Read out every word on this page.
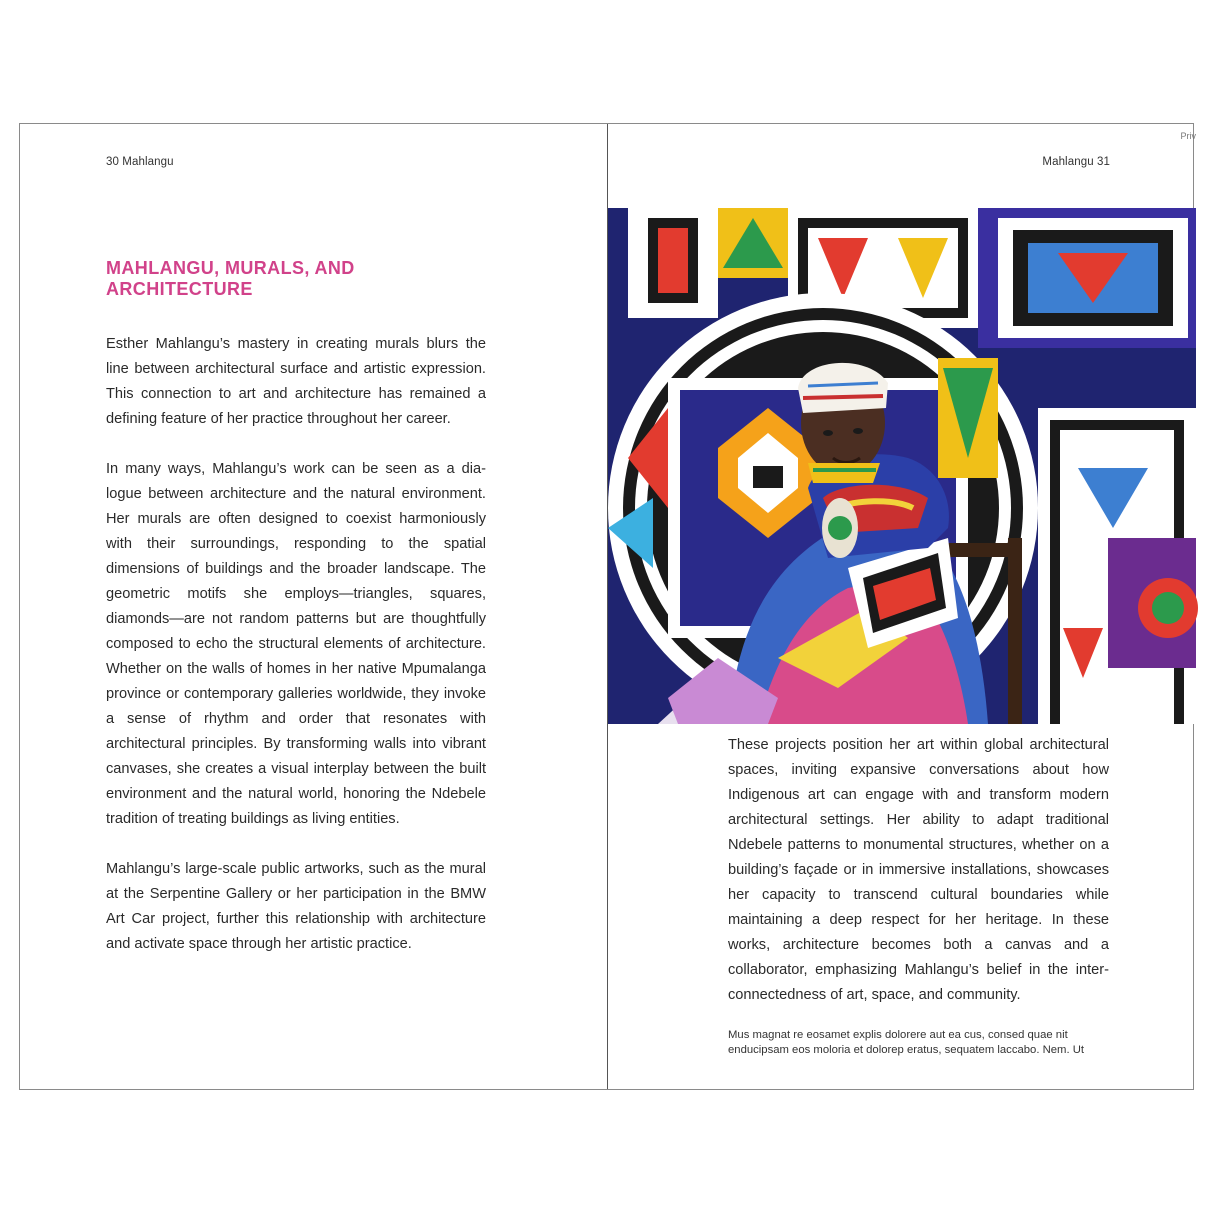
30 Mahlangu
MAHLANGU, MURALS, AND
ARCHITECTURE

Esther Mahlangu’s mastery in creating murals blurs the line between architectural surface and artistic expression. This connection to art and architecture has remained a defining feature of her practice throughout her career.

In many ways, Mahlangu’s work can be seen as a dialogue between architecture and the natural environment. Her murals are often designed to coexist harmoniously with their surroundings, responding to the spatial dimensions of buildings and the broader landscape. The geometric motifs she employs—triangles, squares, diamonds—are not random patterns but are thoughtfully composed to echo the structural elements of architecture. Whether on the walls of homes in her native Mpumalanga province or contemporary galleries worldwide, they invoke a sense of rhythm and order that resonates with architectural principles. By transforming walls into vibrant canvases, she creates a visual interplay between the built environment and the natural world, honoring the Ndebele tradition of treating buildings as living entities.

Mahlangu’s large-scale public artworks, such as the mural at the Serpentine Gallery or her participation in the BMW Art Car project, further this relationship with architecture and activate space through her artistic practice.

Priv
Mahlangu 31

These projects position her art within global architectural spaces, inviting expansive conversations about how Indigenous art can engage with and transform modern architectural settings. Her ability to adapt traditional Ndebele patterns to monumental structures, whether on a building’s façade or in immersive installations, showcases her capacity to transcend cultural boundaries while maintaining a deep respect for her heritage. In these works, architecture becomes both a canvas and a collaborator, emphasizing Mahlangu’s belief in the interconnectedness of art, space, and community.

Mus magnat re eosamet explis dolorere aut ea cus, consed quae nit
enducipsam eos moloria et dolorep eratus, sequatem laccabo. Nem. Ut
